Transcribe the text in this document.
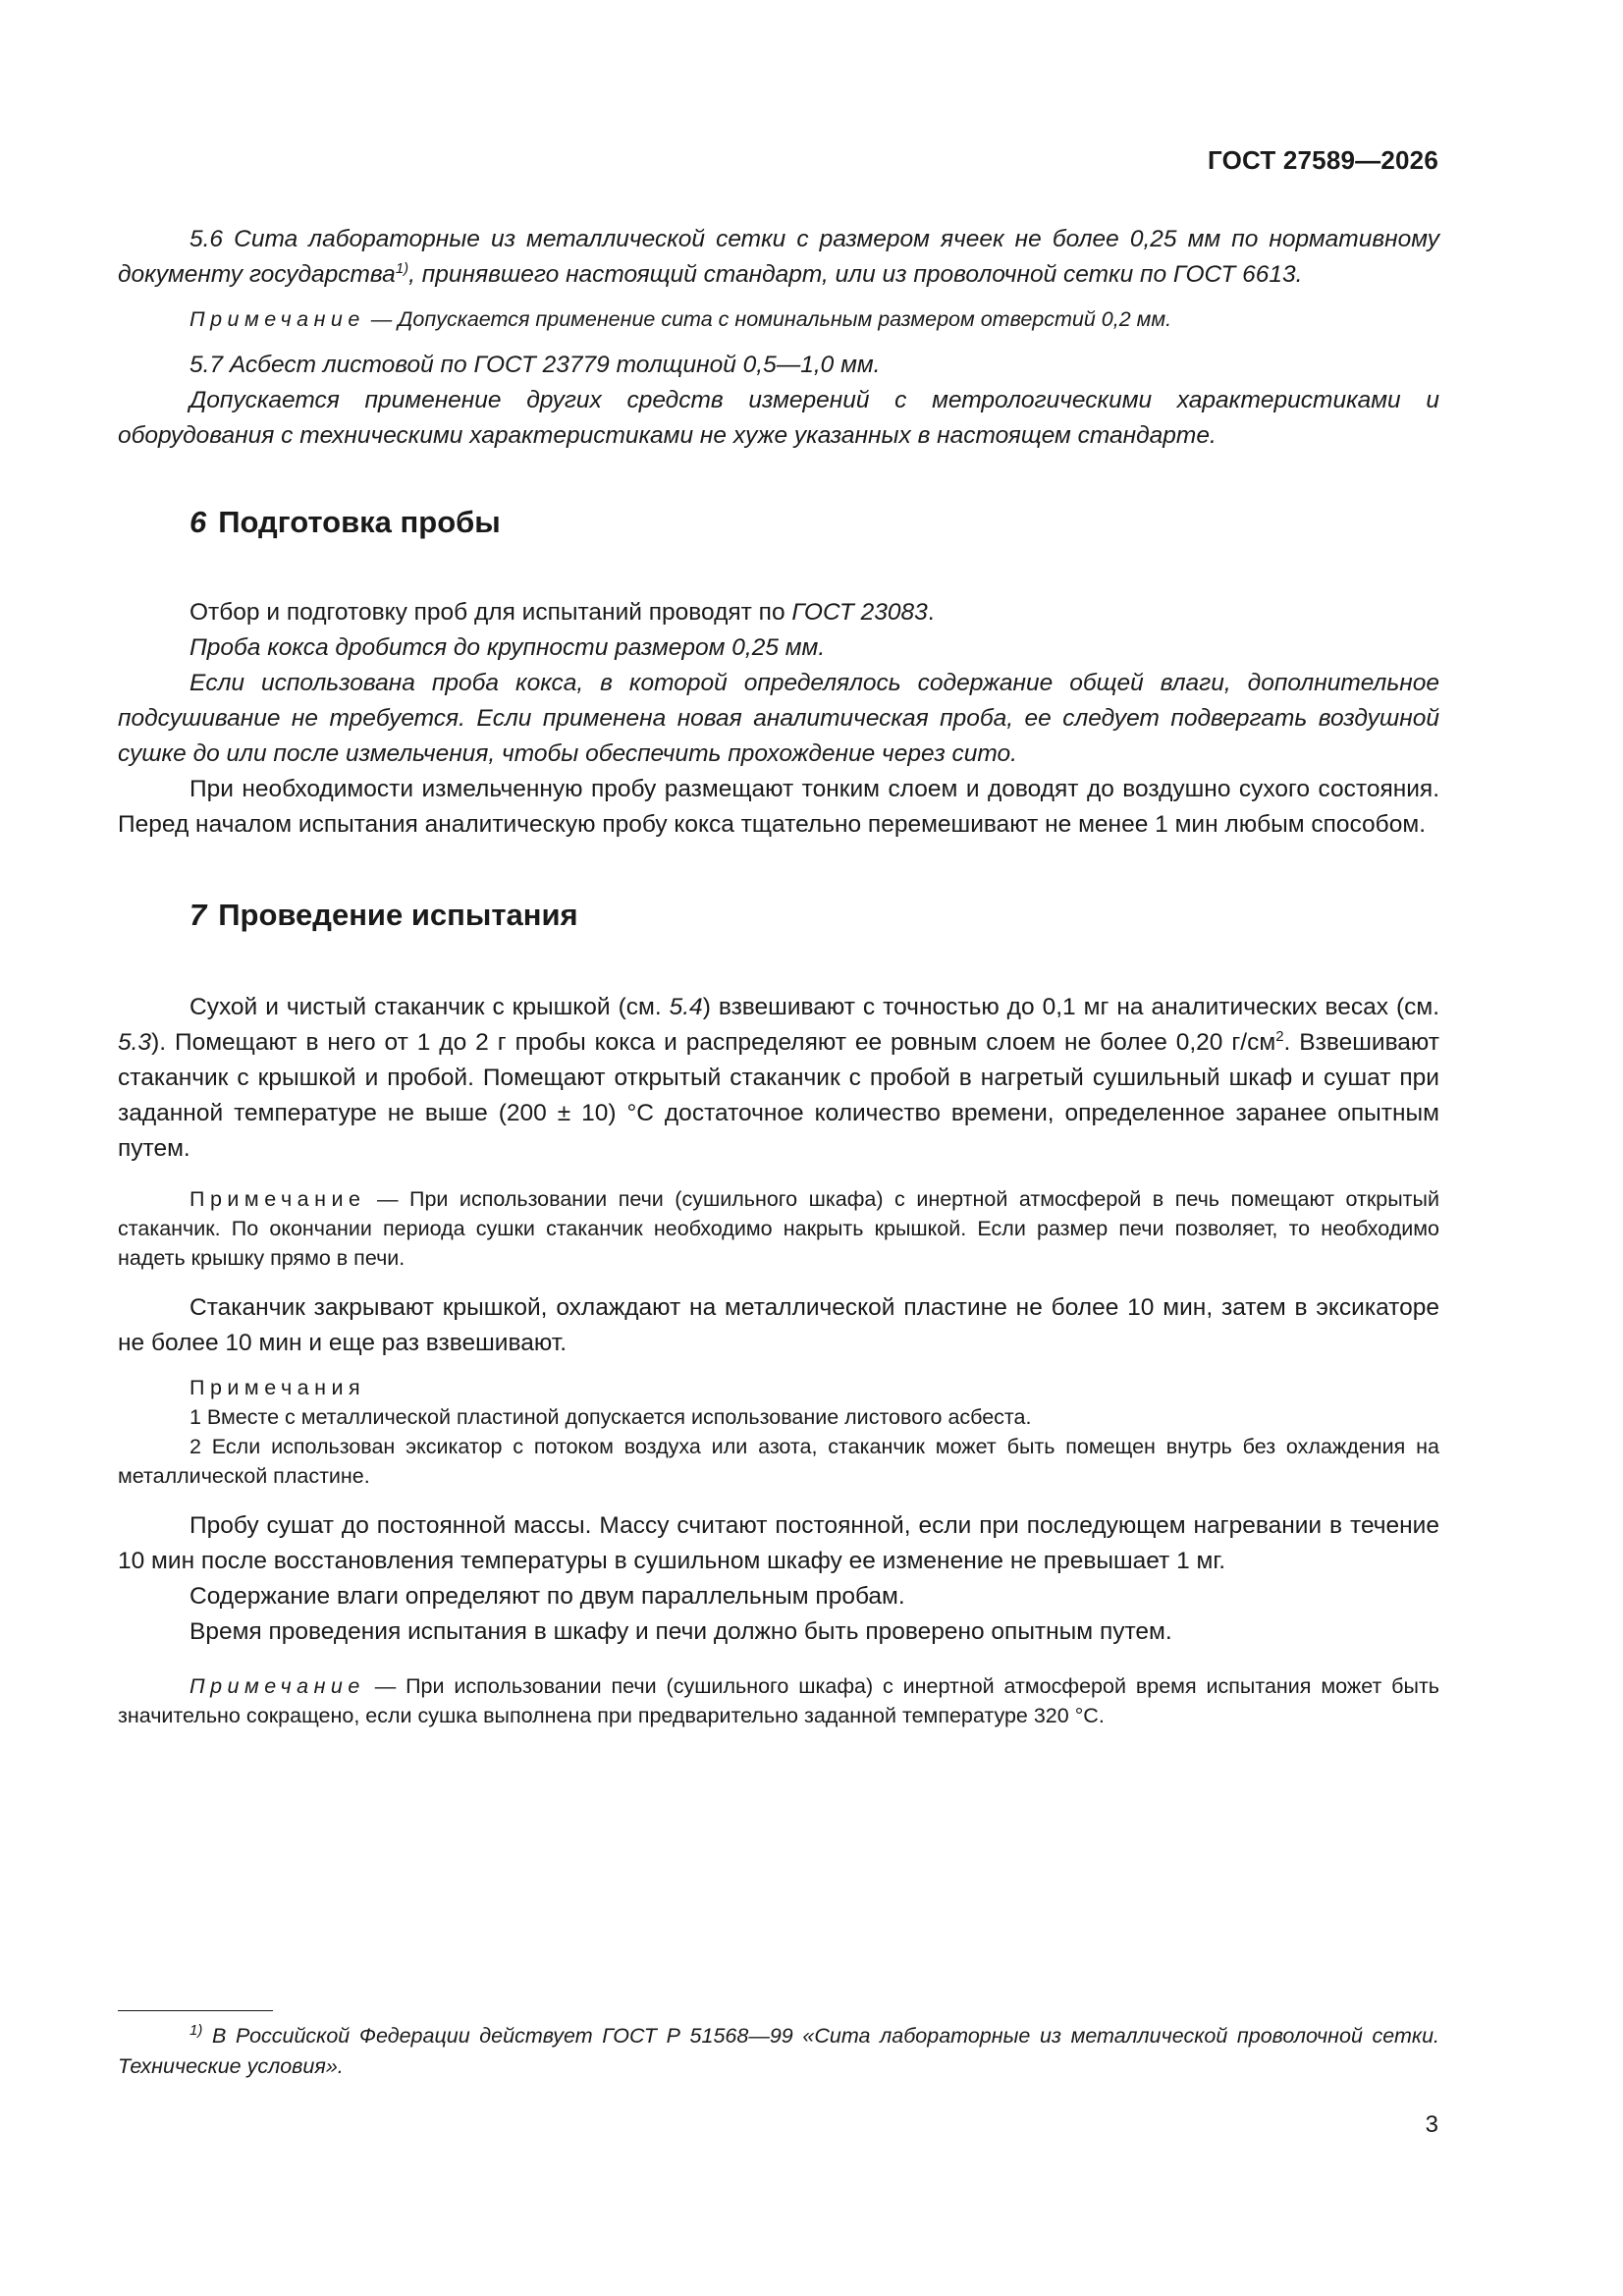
ГОСТ 27589—2026

5.6 Сита лабораторные из металлической сетки с размером ячеек не более 0,25 мм по нормативному документу государства$^{1)}$, принявшего настоящий стандарт, или из проволочной сетки по ГОСТ 6613.

Примечание — Допускается применение сита с номинальным размером отверстий 0,2 мм.

5.7 Асбест листовой по ГОСТ 23779 толщиной 0,5—1,0 мм.

Допускается применение других средств измерений с метрологическими характеристиками и оборудования с техническими характеристиками не хуже указанных в настоящем стандарте.

6 Подготовка пробы

Отбор и подготовку проб для испытаний проводят по ГОСТ 23083.

Проба кокса дробится до крупности размером 0,25 мм.

Если использована проба кокса, в которой определялось содержание общей влаги, дополнительное подсушивание не требуется. Если применена новая аналитическая проба, ее следует подвергать воздушной сушке до или после измельчения, чтобы обеспечить прохождение через сито.

При необходимости измельченную пробу размещают тонким слоем и доводят до воздушно сухого состояния. Перед началом испытания аналитическую пробу кокса тщательно перемешивают не менее 1 мин любым способом.

7 Проведение испытания

Сухой и чистый стаканчик с крышкой (см. 5.4) взвешивают с точностью до 0,1 мг на аналитических весах (см. 5.3). Помещают в него от 1 до 2 г пробы кокса и распределяют ее ровным слоем не более 0,20 $г/см^2$. Взвешивают стаканчик с крышкой и пробой. Помещают открытый стаканчик с пробой в нагретый сушильный шкаф и сушат при заданной температуре не выше (200 ± 10) °С достаточное количество времени, определенное заранее опытным путем.

Примечание — При использовании печи (сушильного шкафа) с инертной атмосферой в печь помещают открытый стаканчик. По окончании периода сушки стаканчик необходимо накрыть крышкой. Если размер печи позволяет, то необходимо надеть крышку прямо в печи.

Стаканчик закрывают крышкой, охлаждают на металлической пластине не более 10 мин, затем в эксикаторе не более 10 мин и еще раз взвешивают.

Примечания

1 Вместе с металлической пластиной допускается использование листового асбеста.

2 Если использован эксикатор с потоком воздуха или азота, стаканчик может быть помещен внутрь без охлаждения на металлической пластине.

Пробу сушат до постоянной массы. Массу считают постоянной, если при последующем нагревании в течение 10 мин после восстановления температуры в сушильном шкафу ее изменение не превышает 1 мг.

Содержание влаги определяют по двум параллельным пробам.

Время проведения испытания в шкафу и печи должно быть проверено опытным путем.

Примечание — При использовании печи (сушильного шкафа) с инертной атмосферой время испытания может быть значительно сокращено, если сушка выполнена при предварительно заданной температуре 320 °С.

$^{1)}$ В Российской Федерации действует ГОСТ Р 51568—99 «Сита лабораторные из металлической проволочной сетки. Технические условия».

3
